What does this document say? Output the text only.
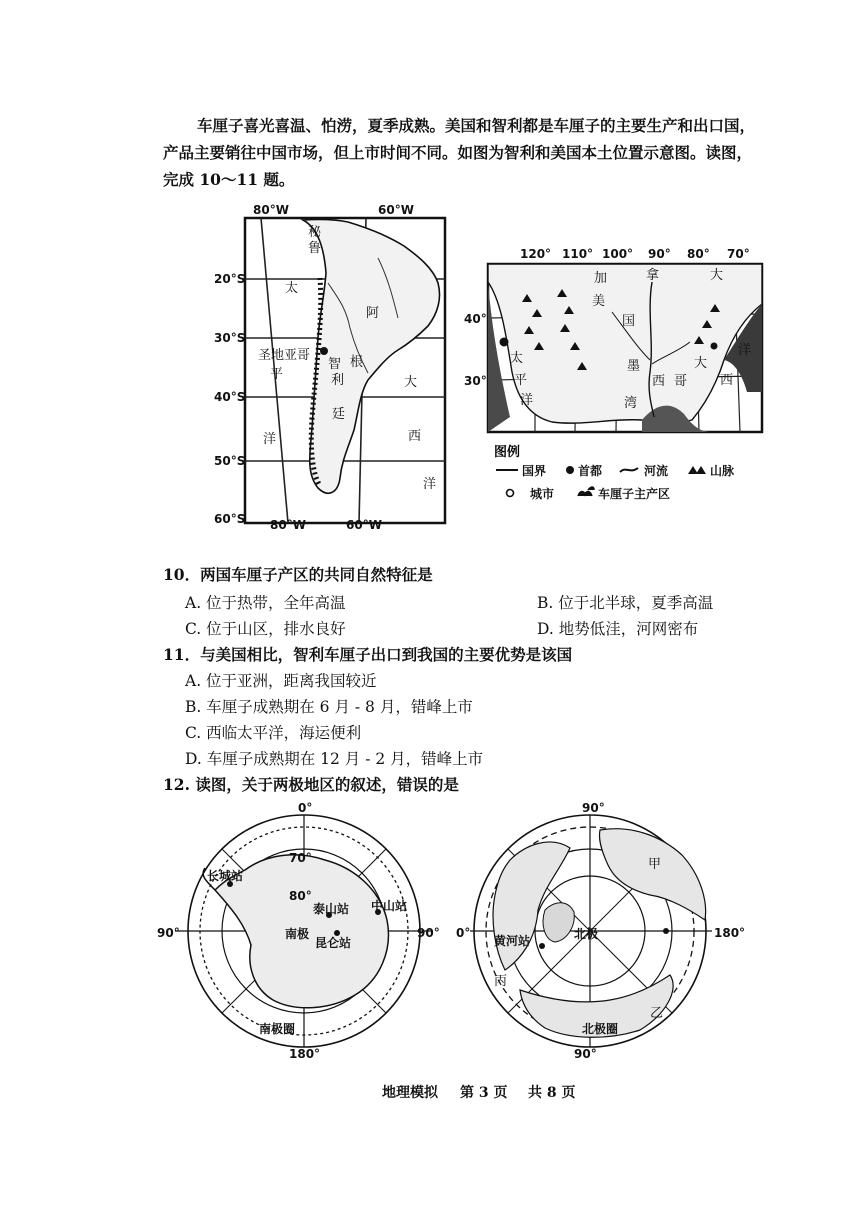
车厘子喜光喜温、怕涝，夏季成熟。美国和智利都是车厘子的主要生产和出口国，

产品主要销往中国市场，但上市时间不同。如图为智利和美国本土位置示意图。读图，

完成 10～11 题。

80°W	60°W
80°W	60°W
20°S
30°S
40°S
50°S
60°S
秘
鲁
太
平
洋
智
利
圣地亚哥
阿
根
廷
大
西
洋
120° 110° 100° 90° 80° 70°
40°
30°
加	拿	大
太
平
洋
美
国
墨
西 哥
湾
大
西
洋
图例
国界	首都	河流	山脉
城市	车厘子主产区
10．两国车厘子产区的共同自然特征是
A. 位于热带，全年高温	B. 位于北半球，夏季高温
C. 位于山区，排水良好	D. 地势低洼，河网密布
11．与美国相比，智利车厘子出口到我国的主要优势是该国
A. 位于亚洲，距离我国较近
B. 车厘子成熟期在 6 月 - 8 月，错峰上市
C. 西临太平洋，海运便利
D. 车厘子成熟期在 12 月 - 2 月，错峰上市
12. 读图，关于两极地区的叙述，错误的是
0°
90°	90°
180°
70°
80°
长城站
泰山站 中山站
昆仑站
南极
南极圈
90°
0°	180°
90°
黄河站	北极
北极圈
甲
乙
丙
地理模拟 第 3 页 共 8 页
